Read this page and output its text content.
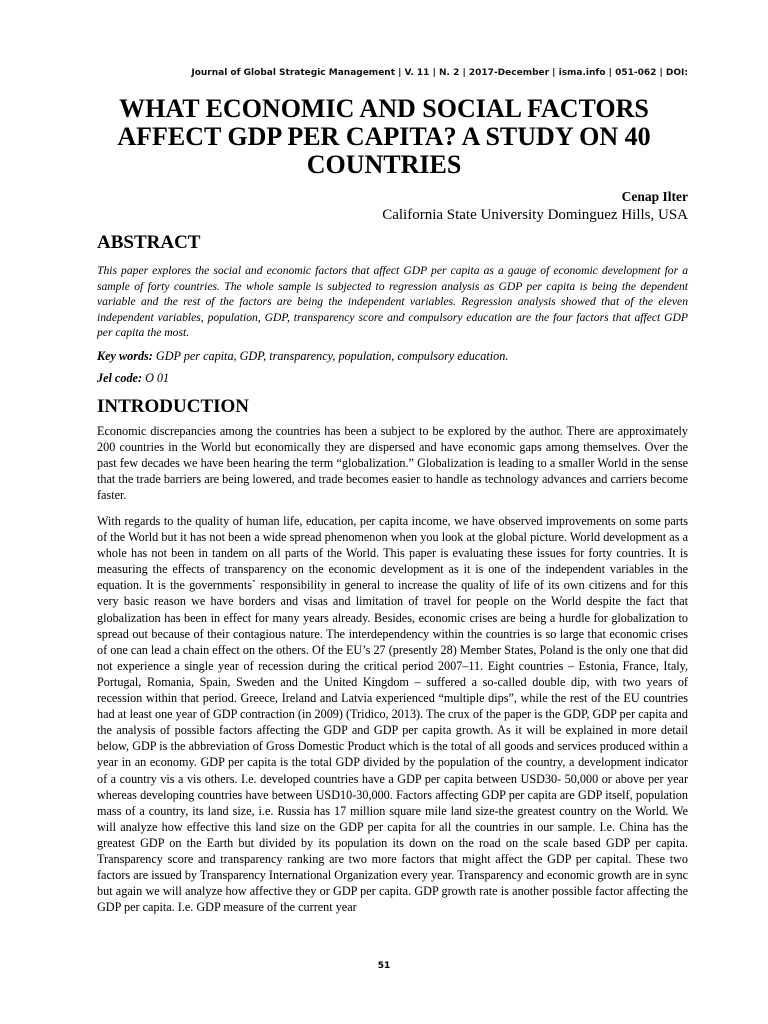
Journal of Global Strategic Management | V. 11 | N. 2 | 2017-December | isma.info | 051-062 | DOI:
WHAT ECONOMIC AND SOCIAL FACTORS AFFECT GDP PER CAPITA? A STUDY ON 40 COUNTRIES
Cenap Ilter
California State University Dominguez Hills, USA
ABSTRACT

This paper explores the social and economic factors that affect GDP per capita as a gauge of economic development for a sample of forty countries. The whole sample is subjected to regression analysis as GDP per capita is being the dependent variable and the rest of the factors are being the independent variables. Regression analysis showed that of the eleven independent variables, population, GDP, transparency score and compulsory education are the four factors that affect GDP per capita the most.

Key words: GDP per capita, GDP, transparency, population, compulsory education.

Jel code: O 01

INTRODUCTION

Economic discrepancies among the countries has been a subject to be explored by the author. There are approximately 200 countries in the World but economically they are dispersed and have economic gaps among themselves. Over the past few decades we have been hearing the term “globalization.” Globalization is leading to a smaller World in the sense that the trade barriers are being lowered, and trade becomes easier to handle as technology advances and carriers become faster.

With regards to the quality of human life, education, per capita income, we have observed improvements on some parts of the World but it has not been a wide spread phenomenon when you look at the global picture. World development as a whole has not been in tandem on all parts of the World. This paper is evaluating these issues for forty countries. It is measuring the effects of transparency on the economic development as it is one of the independent variables in the equation. It is the governments` responsibility in general to increase the quality of life of its own citizens and for this very basic reason we have borders and visas and limitation of travel for people on the World despite the fact that globalization has been in effect for many years already. Besides, economic crises are being a hurdle for globalization to spread out because of their contagious nature. The interdependency within the countries is so large that economic crises of one can lead a chain effect on the others. Of the EU’s 27 (presently 28) Member States, Poland is the only one that did not experience a single year of recession during the critical period 2007–11. Eight countries – Estonia, France, Italy, Portugal, Romania, Spain, Sweden and the United Kingdom – suffered a so-called double dip, with two years of recession within that period. Greece, Ireland and Latvia experienced “multiple dips”, while the rest of the EU countries had at least one year of GDP contraction (in 2009) (Tridico, 2013). The crux of the paper is the GDP, GDP per capita and the analysis of possible factors affecting the GDP and GDP per capita growth. As it will be explained in more detail below, GDP is the abbreviation of Gross Domestic Product which is the total of all goods and services produced within a year in an economy. GDP per capita is the total GDP divided by the population of the country, a development indicator of a country vis a vis others. I.e. developed countries have a GDP per capita between USD30- 50,000 or above per year whereas developing countries have between USD10-30,000. Factors affecting GDP per capita are GDP itself, population mass of a country, its land size, i.e. Russia has 17 million square mile land size-the greatest country on the World. We will analyze how effective this land size on the GDP per capita for all the countries in our sample. I.e. China has the greatest GDP on the Earth but divided by its population its down on the road on the scale based GDP per capita. Transparency score and transparency ranking are two more factors that might affect the GDP per capital. These two factors are issued by Transparency International Organization every year. Transparency and economic growth are in sync but again we will analyze how affective they or GDP per capita. GDP growth rate is another possible factor affecting the GDP per capita. I.e. GDP measure of the current year

51
